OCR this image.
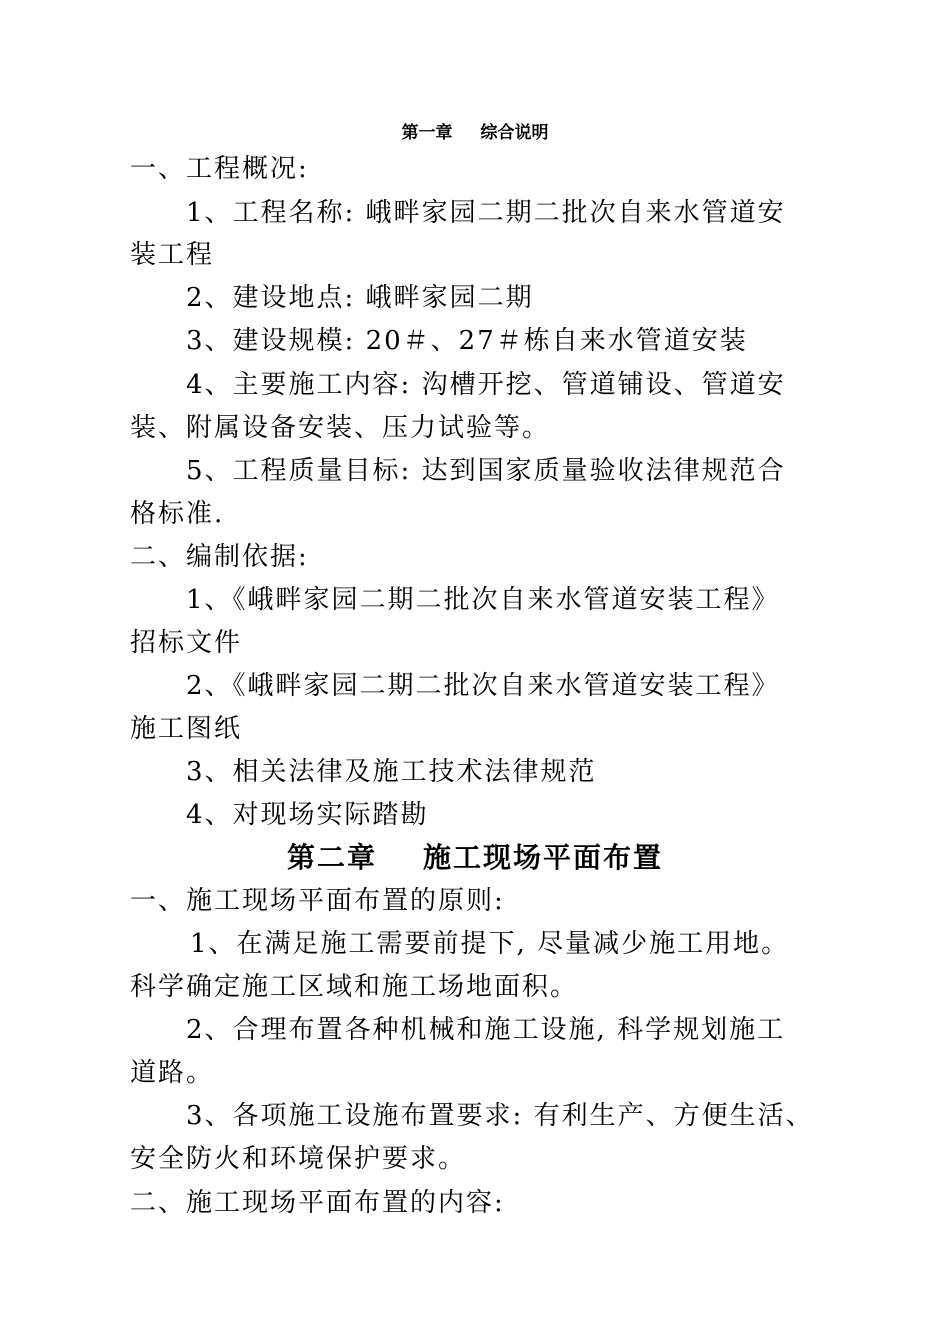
第一章 综合说明
一、工程概况:
1、工程名称: 峨畔家园二期二批次自来水管道安
装工程
2、建设地点: 峨畔家园二期
3、建设规模: 20＃、27＃栋自来水管道安装
4、主要施工内容: 沟槽开挖、管道铺设、管道安
装、附属设备安装、压力试验等。
5、工程质量目标: 达到国家质量验收法律规范合
格标准.
二、编制依据:
1、《峨畔家园二期二批次自来水管道安装工程》
招标文件
2、《峨畔家园二期二批次自来水管道安装工程》
施工图纸
3、相关法律及施工技术法律规范
4、对现场实际踏勘
第二章 施工现场平面布置
一、施工现场平面布置的原则:
1、在满足施工需要前提下, 尽量减少施工用地。
科学确定施工区域和施工场地面积。
2、合理布置各种机械和施工设施, 科学规划施工
道路。
3、各项施工设施布置要求: 有利生产、方便生活、
安全防火和环境保护要求。
二、施工现场平面布置的内容:
